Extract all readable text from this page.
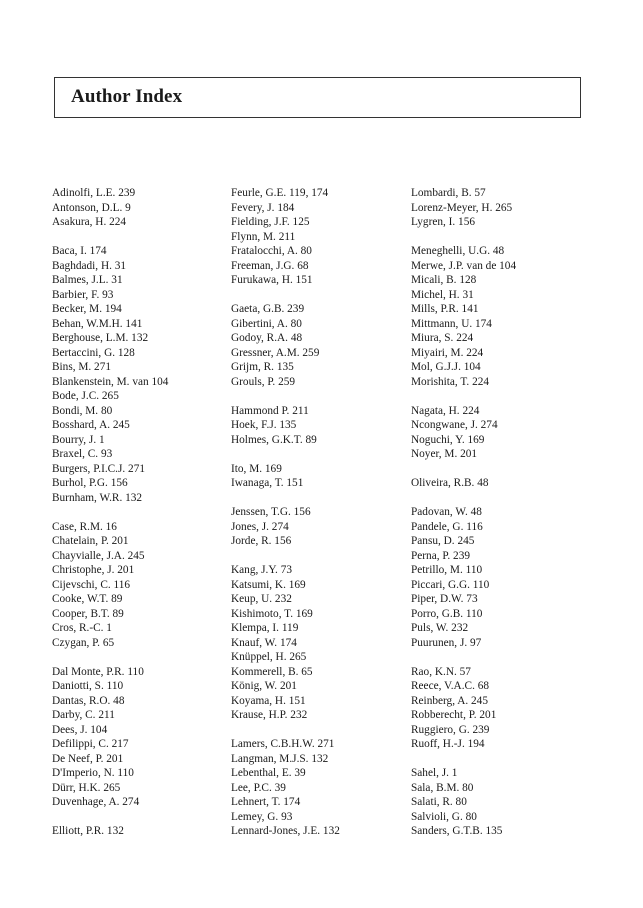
Author Index
Adinolfi, L.E. 239
Antonson, D.L. 9
Asakura, H. 224
Baca, I. 174
Baghdadi, H. 31
Balmes, J.L. 31
Barbier, F. 93
Becker, M. 194
Behan, W.M.H. 141
Berghouse, L.M. 132
Bertaccini, G. 128
Bins, M. 271
Blankenstein, M. van 104
Bode, J.C. 265
Bondi, M. 80
Bosshard, A. 245
Bourry, J. 1
Braxel, C. 93
Burgers, P.I.C.J. 271
Burhol, P.G. 156
Burnham, W.R. 132
Case, R.M. 16
Chatelain, P. 201
Chayvialle, J.A. 245
Christophe, J. 201
Cijevschi, C. 116
Cooke, W.T. 89
Cooper, B.T. 89
Cros, R.-C. 1
Czygan, P. 65
Dal Monte, P.R. 110
Daniotti, S. 110
Dantas, R.O. 48
Darby, C. 211
Dees, J. 104
Defilippi, C. 217
De Neef, P. 201
D'Imperio, N. 110
Dürr, H.K. 265
Duvenhage, A. 274
Elliott, P.R. 132
Feurle, G.E. 119, 174
Fevery, J. 184
Fielding, J.F. 125
Flynn, M. 211
Fratalocchi, A. 80
Freeman, J.G. 68
Furukawa, H. 151
Gaeta, G.B. 239
Gibertini, A. 80
Godoy, R.A. 48
Gressner, A.M. 259
Grijm, R. 135
Grouls, P. 259
Hammond P. 211
Hoek, F.J. 135
Holmes, G.K.T. 89
Ito, M. 169
Iwanaga, T. 151
Jenssen, T.G. 156
Jones, J. 274
Jorde, R. 156
Kang, J.Y. 73
Katsumi, K. 169
Keup, U. 232
Kishimoto, T. 169
Klempa, I. 119
Knauf, W. 174
Knüppel, H. 265
Kommerell, B. 65
König, W. 201
Koyama, H. 151
Krause, H.P. 232
Lamers, C.B.H.W. 271
Langman, M.J.S. 132
Lebenthal, E. 39
Lee, P.C. 39
Lehnert, T. 174
Lemey, G. 93
Lennard-Jones, J.E. 132
Lombardi, B. 57
Lorenz-Meyer, H. 265
Lygren, I. 156
Meneghelli, U.G. 48
Merwe, J.P. van de 104
Micali, B. 128
Michel, H. 31
Mills, P.R. 141
Mittmann, U. 174
Miura, S. 224
Miyairi, M. 224
Mol, G.J.J. 104
Morishita, T. 224
Nagata, H. 224
Ncongwane, J. 274
Noguchi, Y. 169
Noyer, M. 201
Oliveira, R.B. 48
Padovan, W. 48
Pandele, G. 116
Pansu, D. 245
Perna, P. 239
Petrillo, M. 110
Piccari, G.G. 110
Piper, D.W. 73
Porro, G.B. 110
Puls, W. 232
Puurunen, J. 97
Rao, K.N. 57
Reece, V.A.C. 68
Reinberg, A. 245
Robberecht, P. 201
Ruggiero, G. 239
Ruoff, H.-J. 194
Sahel, J. 1
Sala, B.M. 80
Salati, R. 80
Salvioli, G. 80
Sanders, G.T.B. 135
